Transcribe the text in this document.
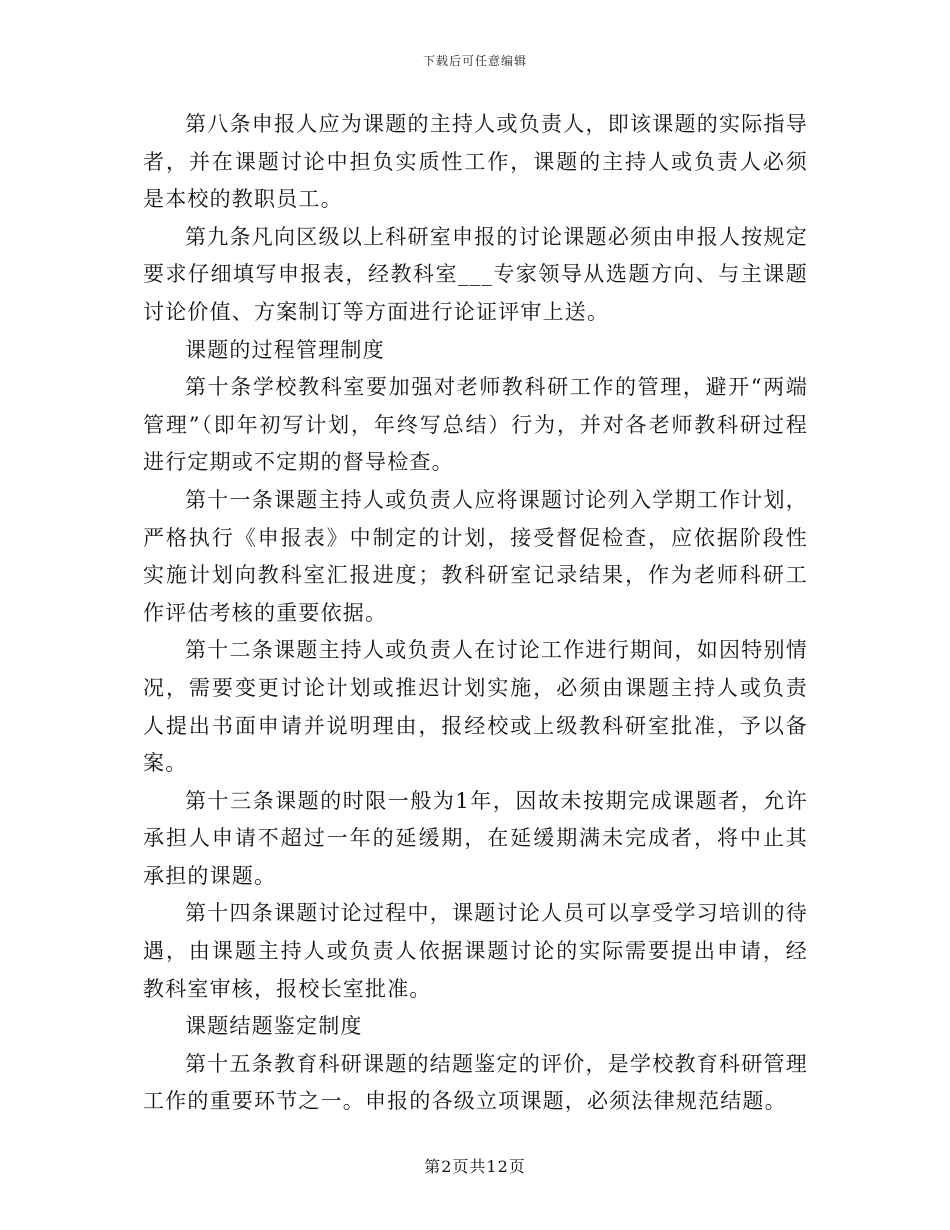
下载后可任意编辑

第八条申报人应为课题的主持人或负责人，即该课题的实际指导者，并在课题讨论中担负实质性工作，课题的主持人或负责人必须是本校的教职员工。

第九条凡向区级以上科研室申报的讨论课题必须由申报人按规定要求仔细填写申报表，经教科室___专家领导从选题方向、与主课题讨论价值、方案制订等方面进行论证评审上送。

课题的过程管理制度

第十条学校教科室要加强对老师教科研工作的管理，避开“两端管理”（即年初写计划，年终写总结）行为，并对各老师教科研过程进行定期或不定期的督导检查。

第十一条课题主持人或负责人应将课题讨论列入学期工作计划，严格执行《申报表》中制定的计划，接受督促检查，应依据阶段性实施计划向教科室汇报进度；教科研室记录结果，作为老师科研工作评估考核的重要依据。

第十二条课题主持人或负责人在讨论工作进行期间，如因特别情况，需要变更讨论计划或推迟计划实施，必须由课题主持人或负责人提出书面申请并说明理由，报经校或上级教科研室批准，予以备案。

第十三条课题的时限一般为1年，因故未按期完成课题者，允许承担人申请不超过一年的延缓期，在延缓期满未完成者，将中止其承担的课题。

第十四条课题讨论过程中，课题讨论人员可以享受学习培训的待遇，由课题主持人或负责人依据课题讨论的实际需要提出申请，经教科室审核，报校长室批准。

课题结题鉴定制度

第十五条教育科研课题的结题鉴定的评价，是学校教育科研管理工作的重要环节之一。申报的各级立项课题，必须法律规范结题。

第2页共12页
